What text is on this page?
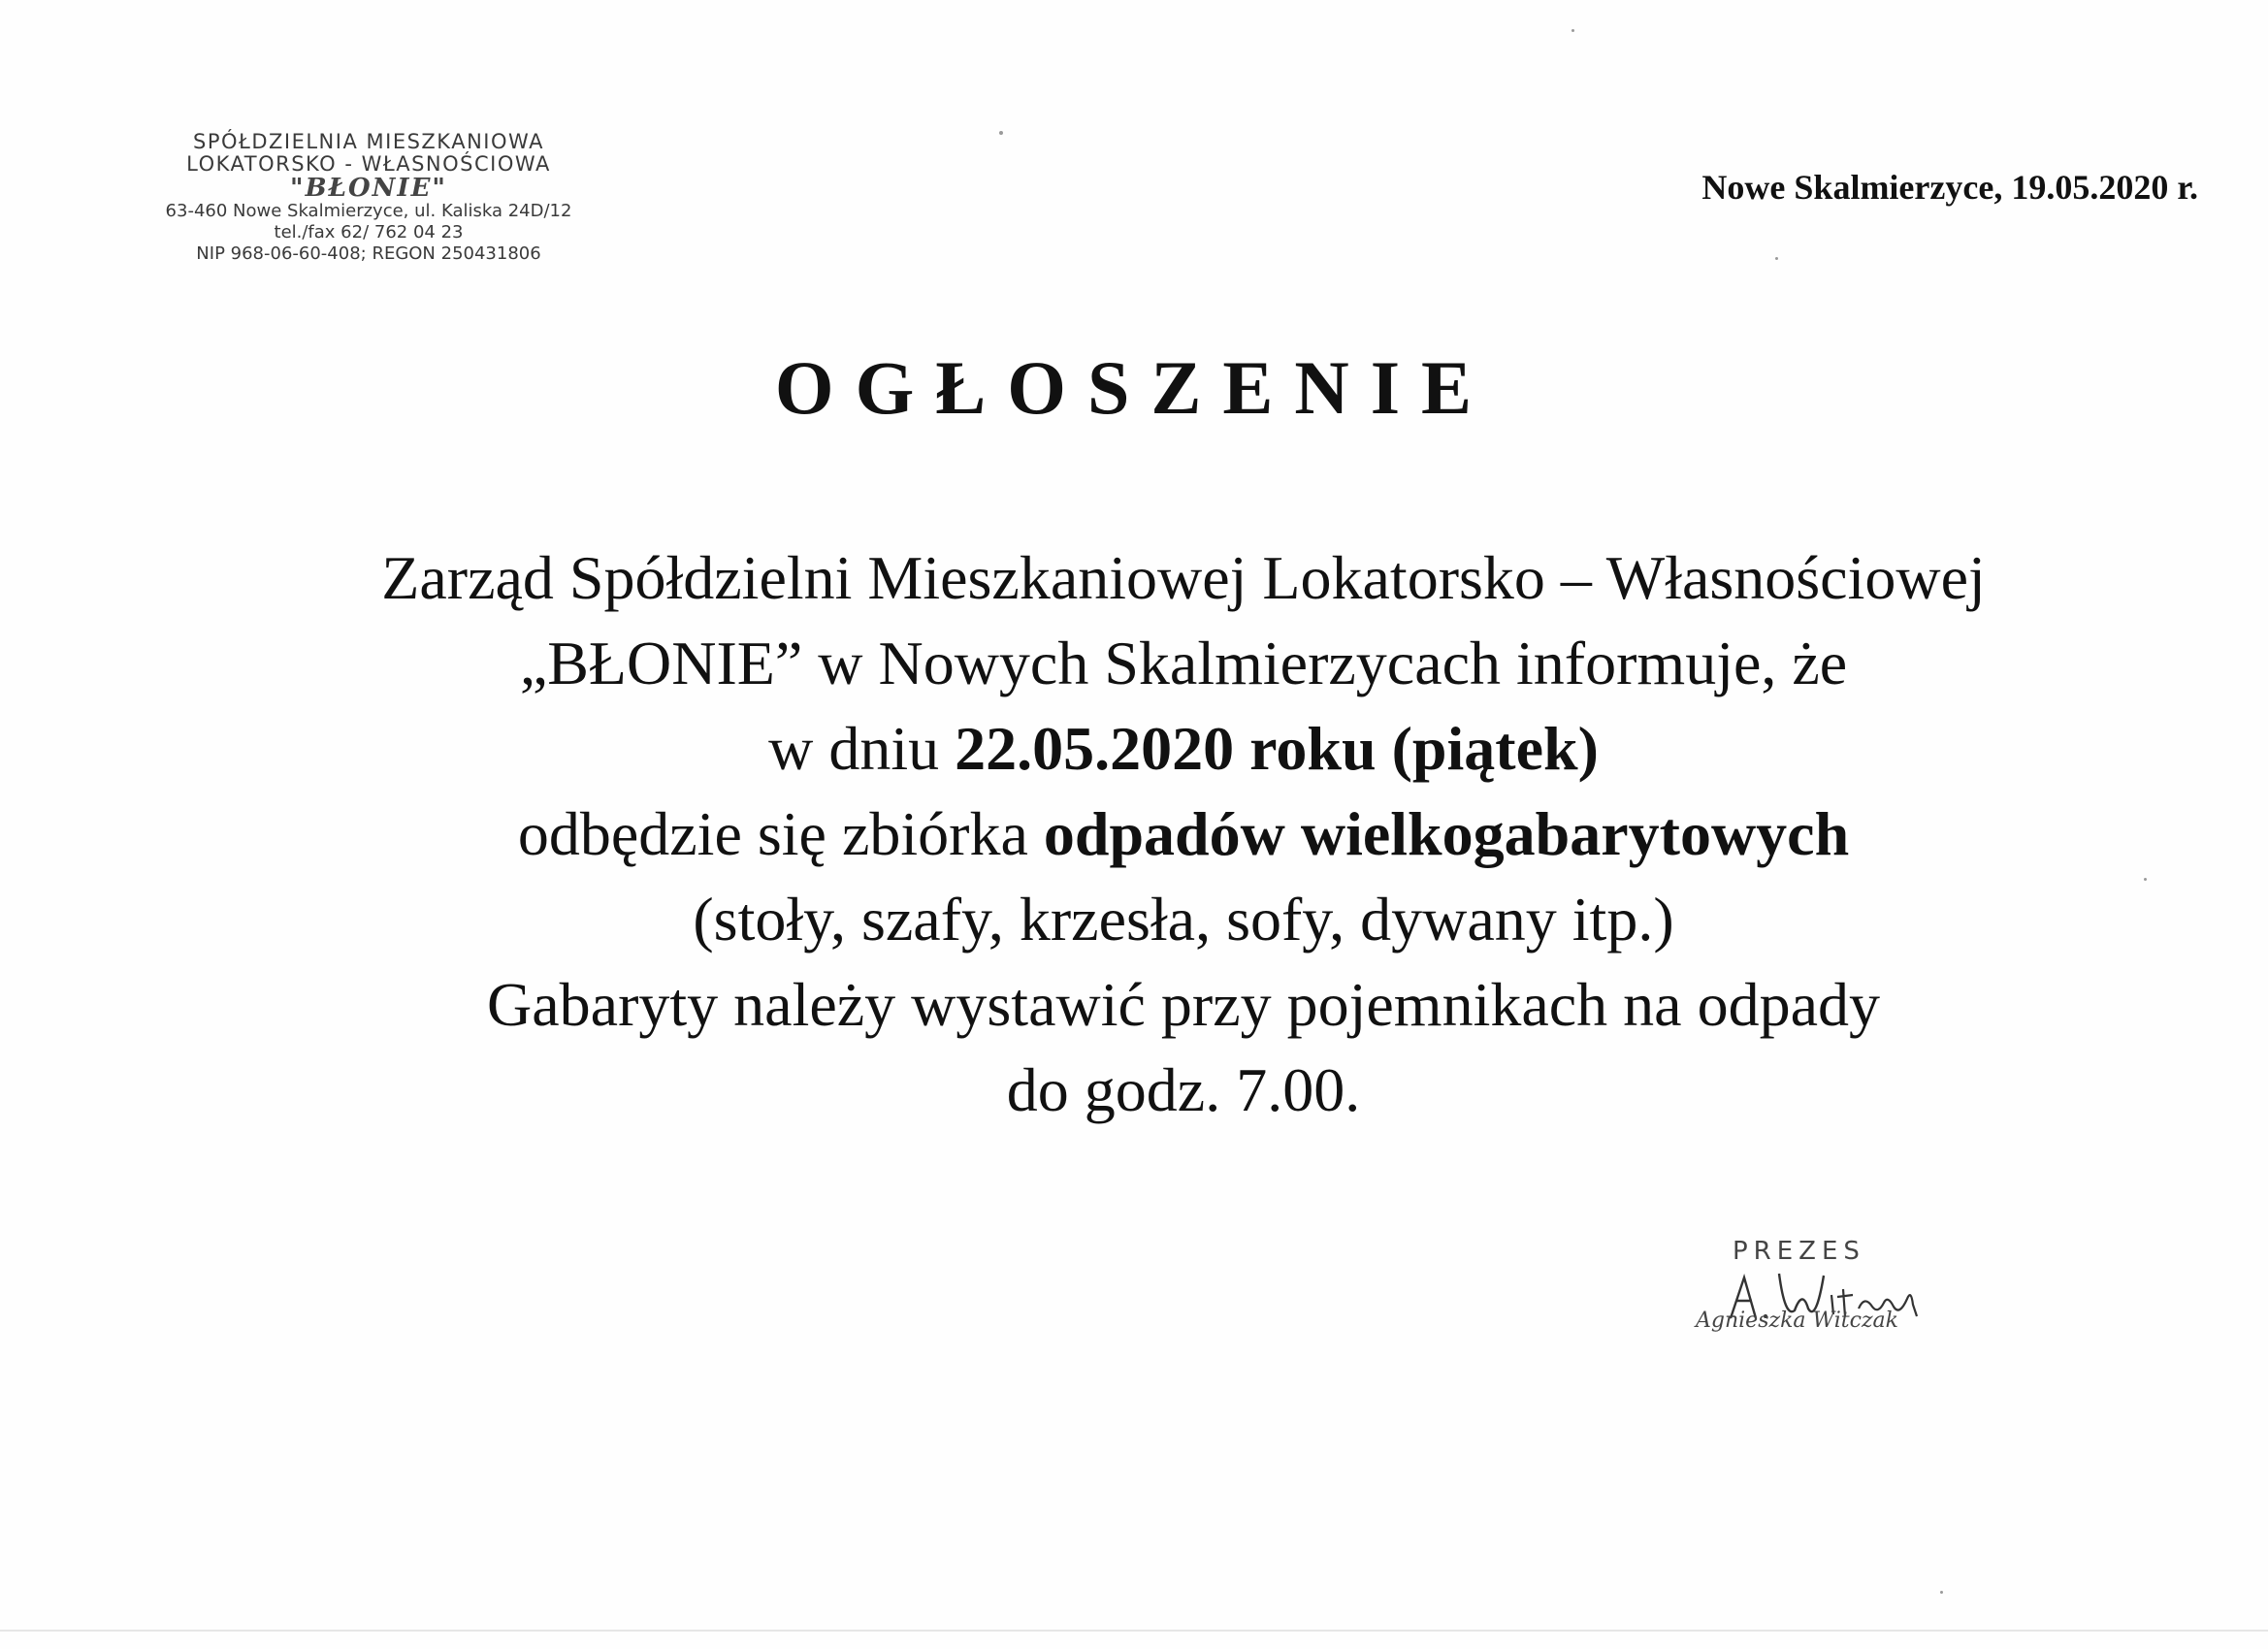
SPÓŁDZIELNIA MIESZKANIOWA
LOKATORSKO - WŁASNOŚCIOWA
"BŁONIE"
63-460 Nowe Skalmierzyce, ul. Kaliska 24D/12
tel./fax 62/ 762 04 23
NIP 968-06-60-408; REGON 250431806
Nowe Skalmierzyce, 19.05.2020 r.
OGŁOSZENIE
Zarząd Spółdzielni Mieszkaniowej Lokatorsko – Własnościowej
„BŁONIE” w Nowych Skalmierzycach informuje, że
w dniu 22.05.2020 roku (piątek)
odbędzie się zbiórka odpadów wielkogabarytowych
(stoły, szafy, krzesła, sofy, dywany itp.)
Gabaryty należy wystawić przy pojemnikach na odpady
do godz. 7.00.
PREZES
Agnieszka Witczak
